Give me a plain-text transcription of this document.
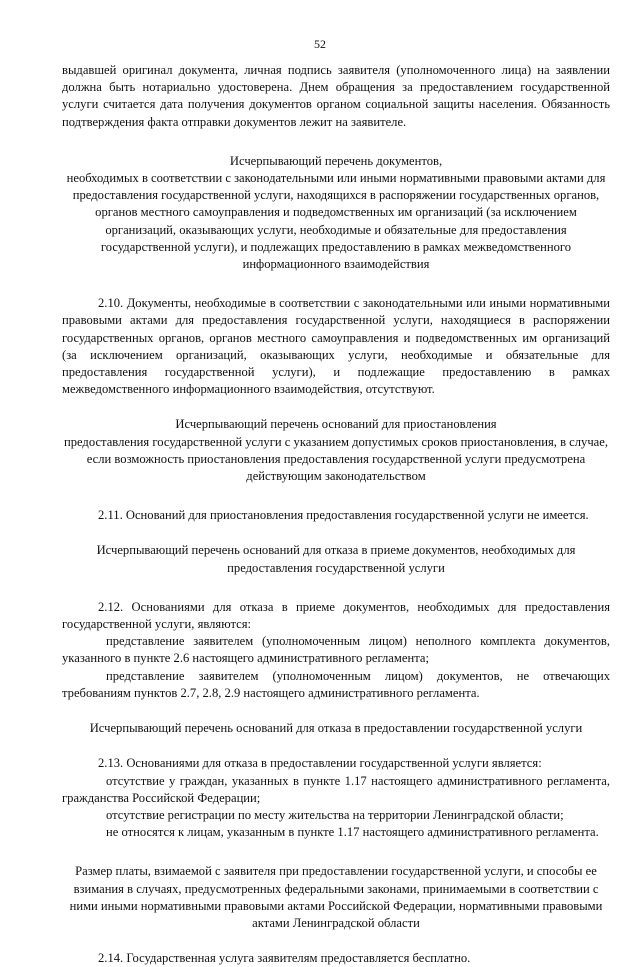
52

выдавшей оригинал документа, личная подпись заявителя (уполномоченного лица) на заявлении должна быть нотариально удостоверена. Днем обращения за предоставлением государственной услуги считается дата получения документов органом социальной защиты населения. Обязанность подтверждения факта отправки документов лежит на заявителе.

Исчерпывающий перечень документов,

необходимых в соответствии с законодательными или иными нормативными правовыми актами для предоставления государственной услуги, находящихся в распоряжении государственных органов, органов местного самоуправления и подведомственных им организаций (за исключением организаций, оказывающих услуги, необходимые и обязательные для предоставления государственной услуги), и подлежащих предоставлению в рамках межведомственного информационного взаимодействия

2.10. Документы, необходимые в соответствии с законодательными или иными нормативными правовыми актами для предоставления государственной услуги, находящиеся в распоряжении государственных органов, органов местного самоуправления и подведомственных им организаций (за исключением организаций, оказывающих услуги, необходимые и обязательные для предоставления государственной услуги), и подлежащие предоставлению в рамках межведомственного информационного взаимодействия, отсутствуют.

Исчерпывающий перечень оснований для приостановления

предоставления государственной услуги с указанием допустимых сроков приостановления, в случае, если возможность приостановления предоставления государственной услуги предусмотрена действующим законодательством

2.11. Оснований для приостановления предоставления государственной услуги не имеется.

Исчерпывающий перечень оснований для отказа в приеме документов, необходимых для предоставления государственной услуги

2.12. Основаниями для отказа в приеме документов, необходимых для предоставления государственной услуги, являются:

представление заявителем (уполномоченным лицом) неполного комплекта документов, указанного в пункте 2.6 настоящего административного регламента;

представление заявителем (уполномоченным лицом) документов, не отвечающих требованиям пунктов 2.7, 2.8, 2.9 настоящего административного регламента.

Исчерпывающий перечень оснований для отказа в предоставлении государственной услуги

2.13. Основаниями для отказа в предоставлении государственной услуги является:

отсутствие у граждан, указанных в пункте 1.17 настоящего административного регламента, гражданства Российской Федерации;

отсутствие регистрации по месту жительства на территории Ленинградской области;

не относятся к лицам, указанным в пункте 1.17 настоящего административного регламента.

Размер платы, взимаемой с заявителя при предоставлении государственной услуги, и способы ее взимания в случаях, предусмотренных федеральными законами, принимаемыми в соответствии с ними иными нормативными правовыми актами Российской Федерации, нормативными правовыми актами Ленинградской области

2.14. Государственная услуга заявителям предоставляется бесплатно.
